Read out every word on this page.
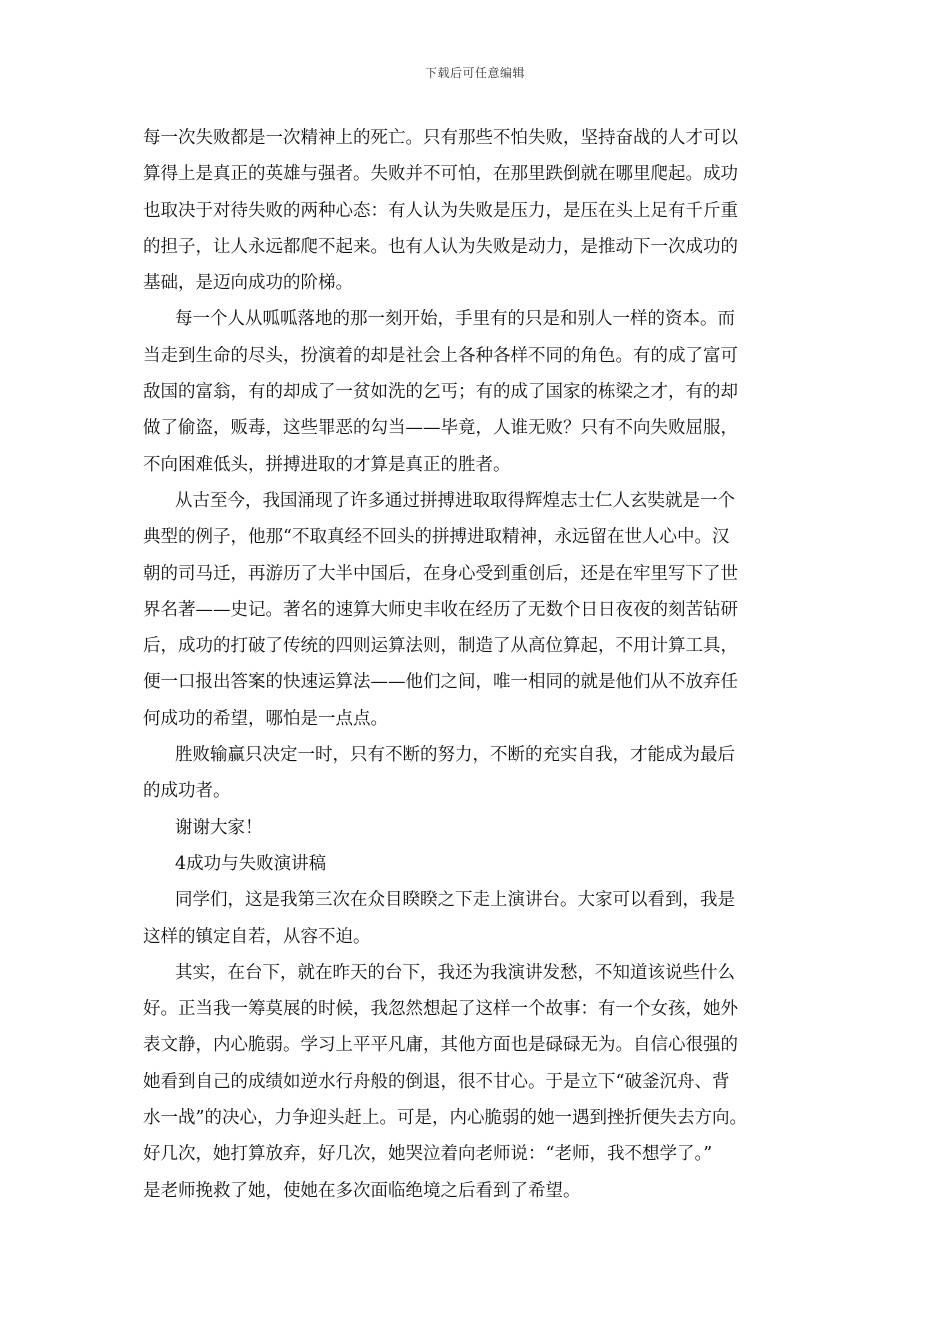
下载后可任意编辑
每一次失败都是一次精神上的死亡。只有那些不怕失败，坚持奋战的人才可以
算得上是真正的英雄与强者。失败并不可怕，在那里跌倒就在哪里爬起。成功
也取决于对待失败的两种心态：有人认为失败是压力，是压在头上足有千斤重
的担子，让人永远都爬不起来。也有人认为失败是动力，是推动下一次成功的
基础，是迈向成功的阶梯。
每一个人从呱呱落地的那一刻开始，手里有的只是和别人一样的资本。而
当走到生命的尽头，扮演着的却是社会上各种各样不同的角色。有的成了富可
敌国的富翁，有的却成了一贫如洗的乞丐；有的成了国家的栋梁之才，有的却
做了偷盗，贩毒，这些罪恶的勾当——毕竟，人谁无败？只有不向失败屈服，
不向困难低头，拼搏进取的才算是真正的胜者。
从古至今，我国涌现了许多通过拼搏进取取得辉煌志士仁人玄奘就是一个
典型的例子，他那“不取真经不回头的拼搏进取精神，永远留在世人心中。汉
朝的司马迁，再游历了大半中国后，在身心受到重创后，还是在牢里写下了世
界名著——史记。著名的速算大师史丰收在经历了无数个日日夜夜的刻苦钻研
后，成功的打破了传统的四则运算法则，制造了从高位算起，不用计算工具，
便一口报出答案的快速运算法——他们之间，唯一相同的就是他们从不放弃任
何成功的希望，哪怕是一点点。
胜败输赢只决定一时，只有不断的努力，不断的充实自我，才能成为最后
的成功者。
谢谢大家！
4成功与失败演讲稿
同学们，这是我第三次在众目睽睽之下走上演讲台。大家可以看到，我是
这样的镇定自若，从容不迫。
其实，在台下，就在昨天的台下，我还为我演讲发愁，不知道该说些什么
好。正当我一筹莫展的时候，我忽然想起了这样一个故事：有一个女孩，她外
表文静，内心脆弱。学习上平平凡庸，其他方面也是碌碌无为。自信心很强的
她看到自己的成绩如逆水行舟般的倒退，很不甘心。于是立下“破釜沉舟、背
水一战”的决心，力争迎头赶上。可是，内心脆弱的她一遇到挫折便失去方向。
好几次，她打算放弃，好几次，她哭泣着向老师说：“老师，我不想学了。”
是老师挽救了她，使她在多次面临绝境之后看到了希望。
